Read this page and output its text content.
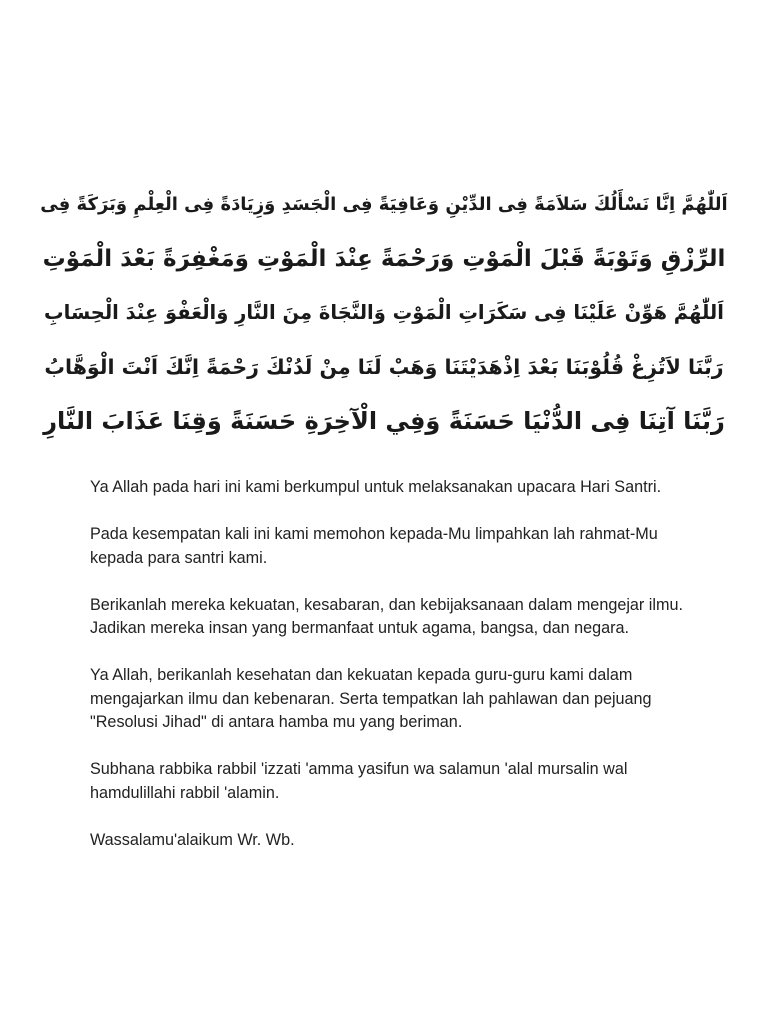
اَللّٰهُمَّ اِنَّا نَسْأَلُكَ سَلاَمَةً فِى الدِّيْنِ وَعَافِيَةً فِى الْجَسَدِ وَزِيَادَةً فِى الْعِلْمِ وَبَرَكَةً فِى
الرِّزْقِ وَتَوْبَةً قَبْلَ الْمَوْتِ وَرَحْمَةً عِنْدَ الْمَوْتِ وَمَغْفِرَةً بَعْدَ الْمَوْتِ
اَللّٰهُمَّ هَوِّنْ عَلَيْنَا فِى سَكَرَاتِ الْمَوْتِ وَالنَّجَاةَ مِنَ النَّارِ وَالْعَفْوَ عِنْدَ الْحِسَابِ
رَبَّنَا لاَتُزِغْ قُلُوْبَنَا بَعْدَ اِذْهَدَيْتَنَا وَهَبْ لَنَا مِنْ لَدُنْكَ رَحْمَةً اِنَّكَ اَنْتَ الْوَهَّابُ
رَبَّنَا آتِنَا فِى الدُّنْيَا حَسَنَةً وَفِي الْآخِرَةِ حَسَنَةً وَقِنَا عَذَابَ النَّارِ

Ya Allah pada hari ini kami berkumpul untuk melaksanakan upacara Hari Santri.

Pada kesempatan kali ini kami memohon kepada-Mu limpahkan lah rahmat-Mu kepada para santri kami.

Berikanlah mereka kekuatan, kesabaran, dan kebijaksanaan dalam mengejar ilmu. Jadikan mereka insan yang bermanfaat untuk agama, bangsa, dan negara.

Ya Allah, berikanlah kesehatan dan kekuatan kepada guru-guru kami dalam mengajarkan ilmu dan kebenaran. Serta tempatkan lah pahlawan dan pejuang "Resolusi Jihad" di antara hamba mu yang beriman.

Subhana rabbika rabbil 'izzati 'amma yasifun wa salamun 'alal mursalin wal hamdulillahi rabbil 'alamin.

Wassalamu'alaikum Wr. Wb.
